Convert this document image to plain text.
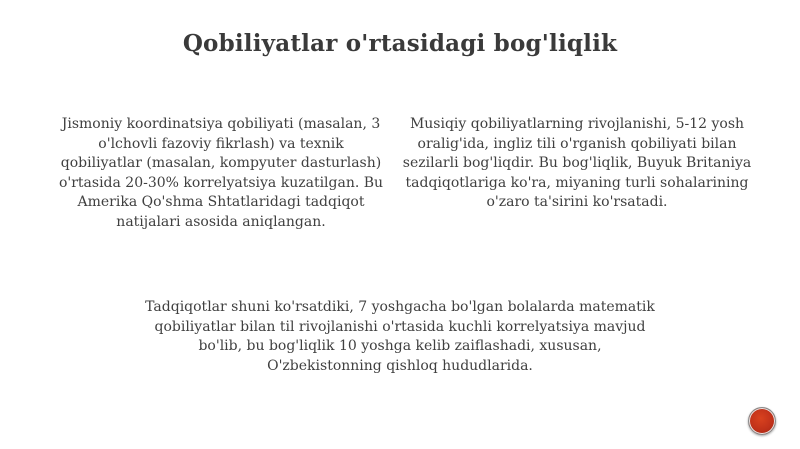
Qobiliyatlar o'rtasidagi bog'liqlik

Jismoniy koordinatsiya qobiliyati (masalan, 3 o'lchovli fazoviy fikrlash) va texnik qobiliyatlar (masalan, kompyuter dasturlash) o'rtasida 20-30% korrelyatsiya kuzatilgan. Bu Amerika Qo'shma Shtatlaridagi tadqiqot natijalari asosida aniqlangan.

Musiqiy qobiliyatlarning rivojlanishi, 5-12 yosh oralig'ida, ingliz tili o'rganish qobiliyati bilan sezilarli bog'liqdir. Bu bog'liqlik, Buyuk Britaniya tadqiqotlariga ko'ra, miyaning turli sohalarining o'zaro ta'sirini ko'rsatadi.

Tadqiqotlar shuni ko'rsatdiki, 7 yoshgacha bo'lgan bolalarda matematik qobiliyatlar bilan til rivojlanishi o'rtasida kuchli korrelyatsiya mavjud bo'lib, bu bog'liqlik 10 yoshga kelib zaiflashadi, xususan, O'zbekistonning qishloq hududlarida.
